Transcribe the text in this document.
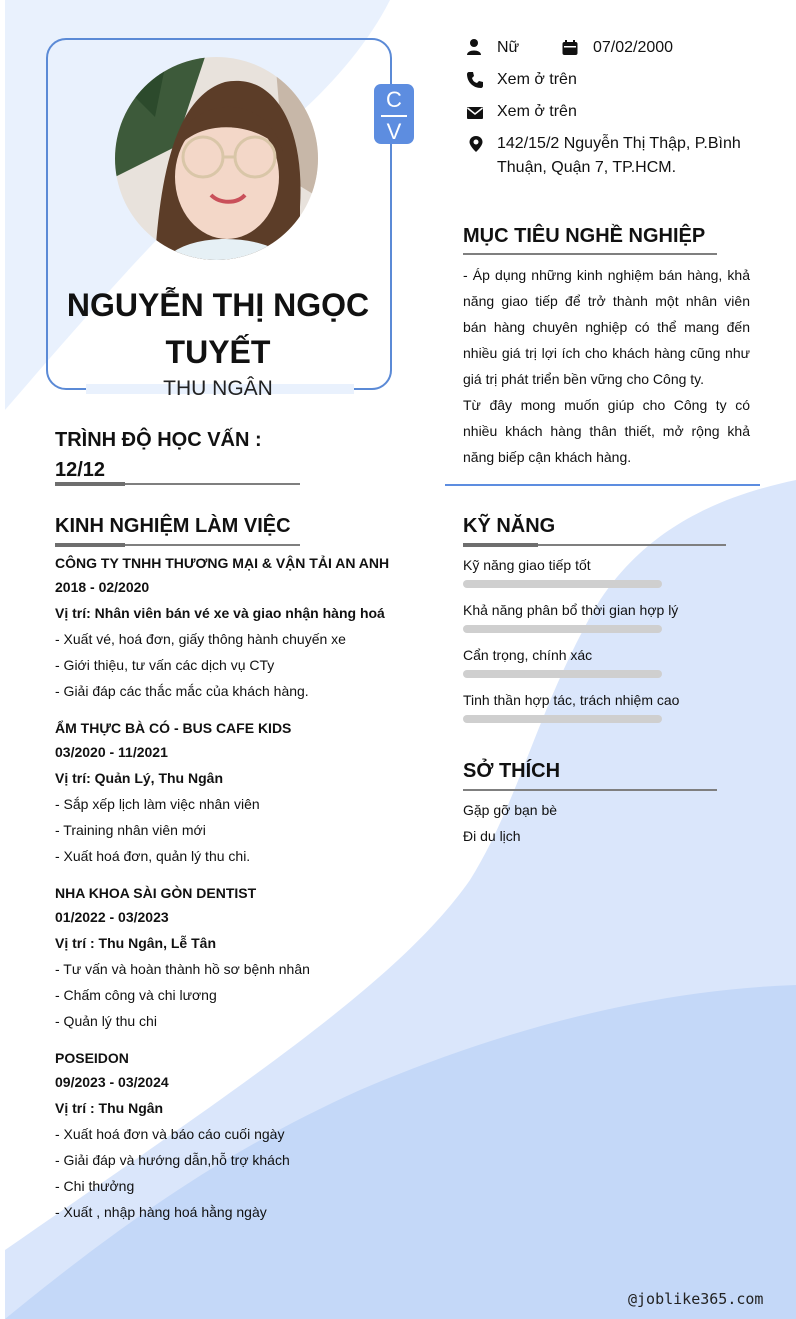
C
V
NGUYỄN THỊ NGỌC TUYẾT
THU NGÂN
Nữ	07/02/2000
Xem ở trên
Xem ở trên
142/15/2 Nguyễn Thị Thập, P.Bình Thuận, Quận 7, TP.HCM.
MỤC TIÊU NGHỀ NGHIỆP
- Áp dụng những kinh nghiệm bán hàng, khả năng giao tiếp để trở thành một nhân viên bán hàng chuyên nghiệp có thể mang đến nhiều giá trị lợi ích cho khách hàng cũng như giá trị phát triển bền vững cho Công ty.
Từ đây mong muốn giúp cho Công ty có nhiều khách hàng thân thiết, mở rộng khả năng biếp cận khách hàng.
TRÌNH ĐỘ HỌC VẤN :
12/12
KINH NGHIỆM LÀM VIỆC
CÔNG TY TNHH THƯƠNG MẠI & VẬN TẢI AN ANH
2018 - 02/2020
Vị trí: Nhân viên bán vé xe và giao nhận hàng hoá
- Xuất vé, hoá đơn, giấy thông hành chuyến xe
- Giới thiệu, tư vấn các dịch vụ CTy
- Giải đáp các thắc mắc của khách hàng.
ẨM THỰC BÀ CÓ - BUS CAFE KIDS
03/2020 - 11/2021
Vị trí: Quản Lý, Thu Ngân
- Sắp xếp lịch làm việc nhân viên
- Training nhân viên mới
- Xuất hoá đơn, quản lý thu chi.
NHA KHOA SÀI GÒN DENTIST
01/2022 - 03/2023
Vị trí : Thu Ngân, Lễ Tân
- Tư vấn và hoàn thành hồ sơ bệnh nhân
- Chấm công và chi lương
- Quản lý thu chi
POSEIDON
09/2023 - 03/2024
Vị trí : Thu Ngân
- Xuất hoá đơn và báo cáo cuối ngày
- Giải đáp và hướng dẫn,hỗ trợ khách
- Chi thưởng
- Xuất , nhập hàng hoá hằng ngày
KỸ NĂNG
Kỹ năng giao tiếp tốt
Khả năng phân bổ thời gian hợp lý
Cẩn trọng, chính xác
Tinh thần hợp tác, trách nhiệm cao
SỞ THÍCH
Gặp gỡ bạn bè
Đi du lịch
@joblike365.com
